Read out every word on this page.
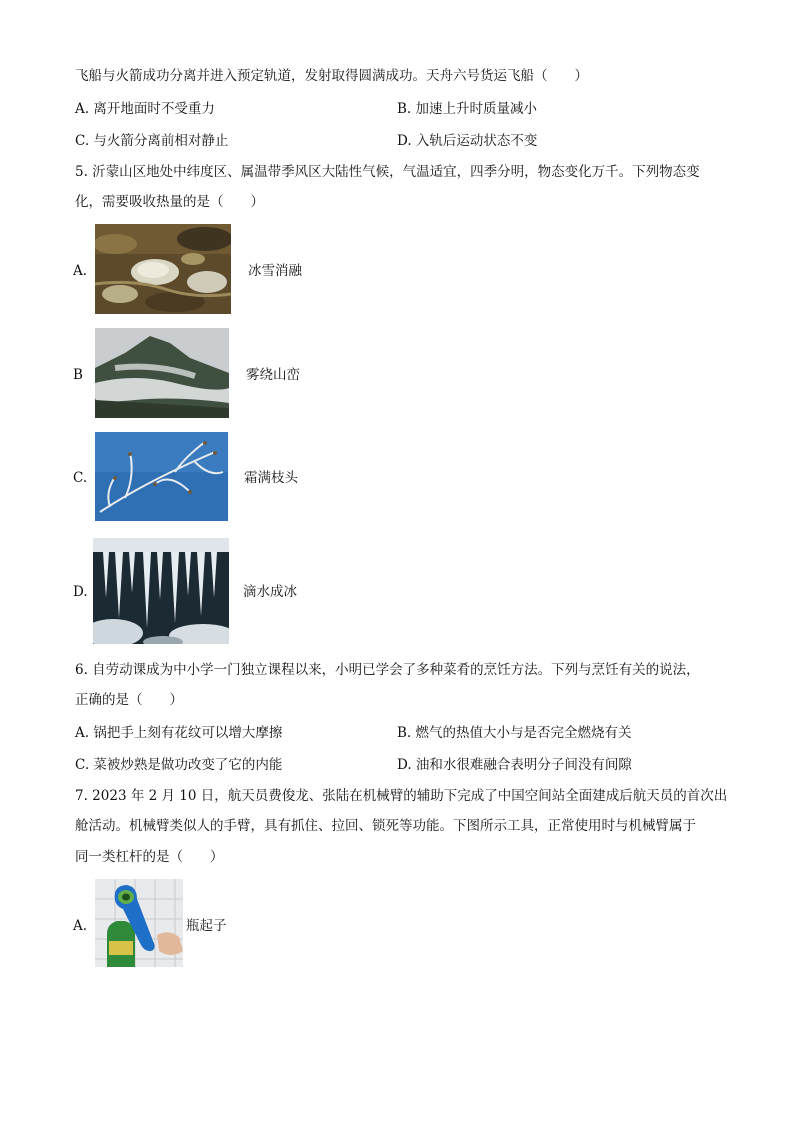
飞船与火箭成功分离并进入预定轨道，发射取得圆满成功。天舟六号货运飞船（　　）
A. 离开地面时不受重力	B. 加速上升时质量减小
C. 与火箭分离前相对静止	D. 入轨后运动状态不变
5. 沂蒙山区地处中纬度区、属温带季风区大陆性气候，气温适宜，四季分明，物态变化万千。下列物态变
化，需要吸收热量的是（　　）
A.	冰雪消融
B	雾绕山峦
C.	霜满枝头
D.	滴水成冰
6. 自劳动课成为中小学一门独立课程以来，小明已学会了多种菜肴的烹饪方法。下列与烹饪有关的说法，
正确的是（　　）
A. 锅把手上刻有花纹可以增大摩擦	B. 燃气的热值大小与是否完全燃烧有关
C. 菜被炒熟是做功改变了它的内能	D. 油和水很难融合表明分子间没有间隙
7. 2023 年 2 月 10 日，航天员费俊龙、张陆在机械臂的辅助下完成了中国空间站全面建成后航天员的首次出
舱活动。机械臂类似人的手臂，具有抓住、拉回、锁死等功能。下图所示工具，正常使用时与机械臂属于
同一类杠杆的是（　　）
A.	瓶起子
